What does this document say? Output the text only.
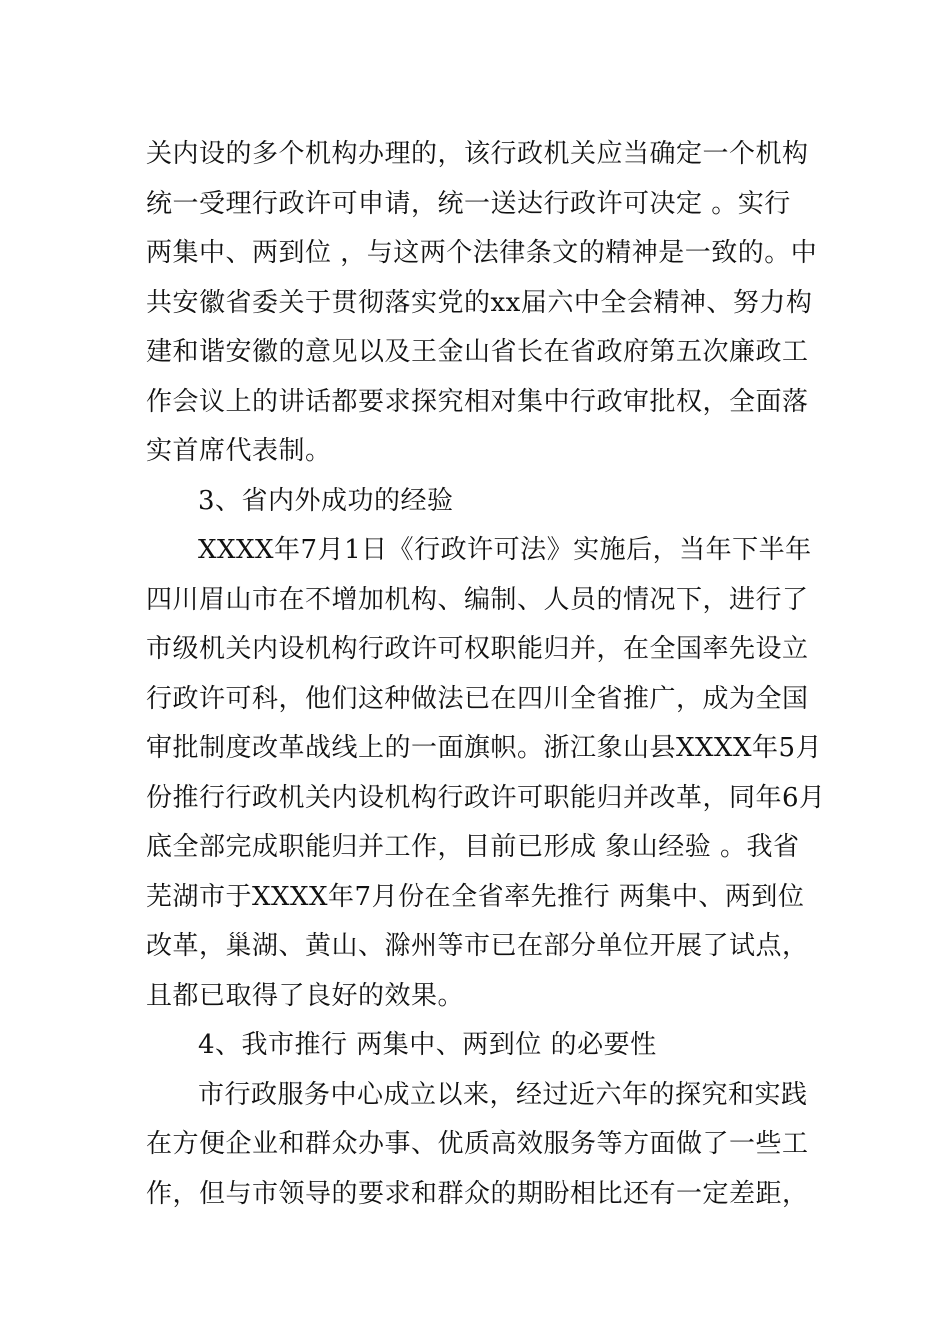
关内设的多个机构办理的，该行政机关应当确定一个机构

统一受理行政许可申请，统一送达行政许可决定 。实行

两集中、两到位 ，与这两个法律条文的精神是一致的。中

共安徽省委关于贯彻落实党的xx届六中全会精神、努力构

建和谐安徽的意见以及王金山省长在省政府第五次廉政工

作会议上的讲话都要求探究相对集中行政审批权，全面落

实首席代表制。

3、省内外成功的经验

XXXX年7月1日《行政许可法》实施后，当年下半年

四川眉山市在不增加机构、编制、人员的情况下，进行了

市级机关内设机构行政许可权职能归并，在全国率先设立

行政许可科，他们这种做法已在四川全省推广，成为全国

审批制度改革战线上的一面旗帜。浙江象山县XXXX年5月

份推行行政机关内设机构行政许可职能归并改革，同年6月

底全部完成职能归并工作，目前已形成 象山经验 。我省

芜湖市于XXXX年7月份在全省率先推行 两集中、两到位

改革，巢湖、黄山、滁州等市已在部分单位开展了试点，

且都已取得了良好的效果。

4、我市推行 两集中、两到位 的必要性

市行政服务中心成立以来，经过近六年的探究和实践

在方便企业和群众办事、优质高效服务等方面做了一些工

作，但与市领导的要求和群众的期盼相比还有一定差距，
